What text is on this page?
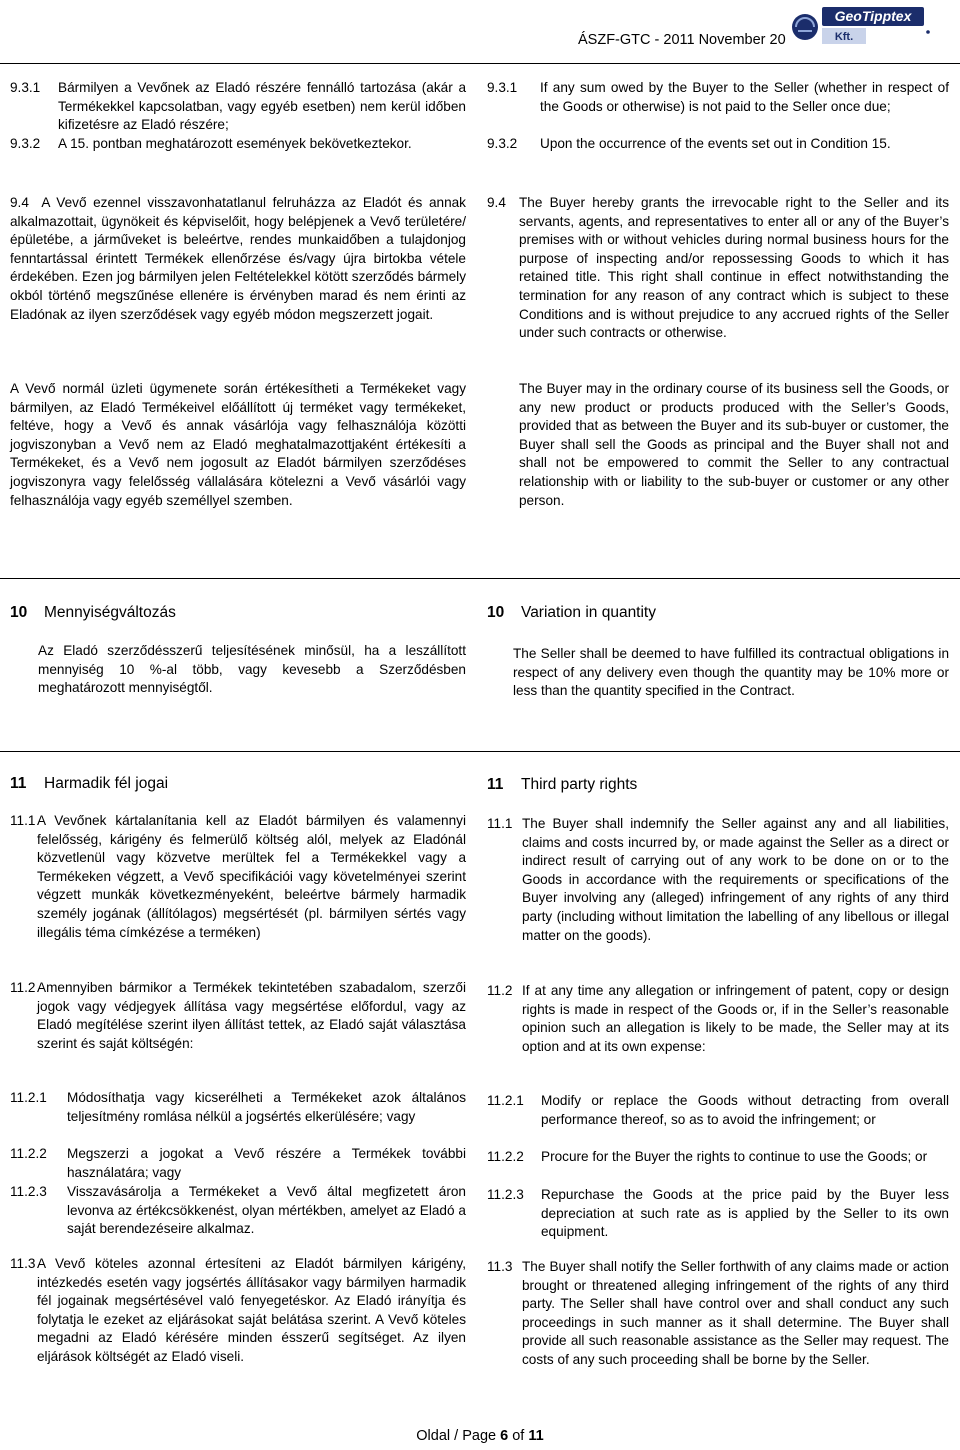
ÁSZF-GTC - 2011 November 20
GeoTipptex
Kft.
9.3.1 Bármilyen a Vevőnek az Eladó részére fennálló tartozása (akár a Termékekkel kapcsolatban, vagy egyéb esetben) nem kerül időben kifizetésre az Eladó részére;
9.3.2 A 15. pontban meghatározott események bekövetkeztekor.
9.4 A Vevő ezennel visszavonhatatlanul felruházza az Eladót és annak alkalmazottait, ügynökeit és képviselőit, hogy belépjenek a Vevő területére/épületébe, a járműveket is beleértve, rendes munkaidőben a tulajdonjog fenntartással érintett Termékek ellenőrzése és/vagy újra birtokba vétele érdekében. Ezen jog bármilyen jelen Feltételekkel kötött szerződés bármely okból történő megszűnése ellenére is érvényben marad és nem érinti az Eladónak az ilyen szerződések vagy egyéb módon megszerzett jogait.
A Vevő normál üzleti ügymenete során értékesítheti a Termékeket vagy bármilyen, az Eladó Termékeivel előállított új terméket vagy termékeket, feltéve, hogy a Vevő és annak vásárlója vagy felhasználója közötti jogviszonyban a Vevő nem az Eladó meghatalmazottjaként értékesíti a Termékeket, és a Vevő nem jogosult az Eladót bármilyen szerződéses jogviszonyra vagy felelősség vállalására kötelezni a Vevő vásárlói vagy felhasználója vagy egyéb személlyel szemben.
9.3.1 If any sum owed by the Buyer to the Seller (whether in respect of the Goods or otherwise) is not paid to the Seller once due;
9.3.2 Upon the occurrence of the events set out in Condition 15.
9.4 The Buyer hereby grants the irrevocable right to the Seller and its servants, agents, and representatives to enter all or any of the Buyer’s premises with or without vehicles during normal business hours for the purpose of inspecting and/or repossessing Goods to which it has retained title. This right shall continue in effect notwithstanding the termination for any reason of any contract which is subject to these Conditions and is without prejudice to any accrued rights of the Seller under such contracts or otherwise.
The Buyer may in the ordinary course of its business sell the Goods, or any new product or products produced with the Seller’s Goods, provided that as between the Buyer and its sub-buyer or customer, the Buyer shall sell the Goods as principal and the Buyer shall not and shall not be empowered to commit the Seller to any contractual relationship with or liability to the sub-buyer or customer or any other person.
10 Mennyiségváltozás	10 Variation in quantity
Az Eladó szerződésszerű teljesítésének minősül, ha a leszállított mennyiség 10 %-al több, vagy kevesebb a Szerződésben meghatározott mennyiségtől.
The Seller shall be deemed to have fulfilled its contractual obligations in respect of any delivery even though the quantity may be 10% more or less than the quantity specified in the Contract.
11 Harmadik fél jogai	11 Third party rights
11.1 A Vevőnek kártalanítania kell az Eladót bármilyen és valamennyi felelősség, kárigény és felmerülő költség alól, melyek az Eladónál közvetlenül vagy közvetve merültek fel a Termékekkel vagy a Termékeken végzett, a Vevő specifikációi vagy követelményei szerint végzett munkák következményeként, beleértve bármely harmadik személy jogának (állítólagos) megsértését (pl. bármilyen sértés vagy illegális téma címkézése a terméken)
11.2 Amennyiben bármikor a Termékek tekintetében szabadalom, szerzői jogok vagy védjegyek állítása vagy megsértése előfordul, vagy az Eladó megítélése szerint ilyen állítást tettek, az Eladó saját választása szerint és saját költségén:
11.2.1 Módosíthatja vagy kicserélheti a Termékeket azok általános teljesítmény romlása nélkül a jogsértés elkerülésére; vagy
11.2.2 Megszerzi a jogokat a Vevő részére a Termékek további használatára; vagy
11.2.3 Visszavásárolja a Termékeket a Vevő által megfizetett áron levonva az értékcsökkenést, olyan mértékben, amelyet az Eladó a saját berendezéseire alkalmaz.
11.3 A Vevő köteles azonnal értesíteni az Eladót bármilyen kárigény, intézkedés esetén vagy jogsértés állításakor vagy bármilyen harmadik fél jogainak megsértésével való fenyegetéskor. Az Eladó irányítja és folytatja le ezeket az eljárásokat saját belátása szerint. A Vevő köteles megadni az Eladó kérésére minden ésszerű segítséget. Az ilyen eljárások költségét az Eladó viseli.
11.1 The Buyer shall indemnify the Seller against any and all liabilities, claims and costs incurred by, or made against the Seller as a direct or indirect result of carrying out of any work to be done on or to the Goods in accordance with the requirements or specifications of the Buyer involving any (alleged) infringement of any rights of any third party (including without limitation the labelling of any libellous or illegal matter on the goods).
11.2 If at any time any allegation or infringement of patent, copy or design rights is made in respect of the Goods or, if in the Seller’s reasonable opinion such an allegation is likely to be made, the Seller may at its option and at its own expense:
11.2.1 Modify or replace the Goods without detracting from overall performance thereof, so as to avoid the infringement; or
11.2.2 Procure for the Buyer the rights to continue to use the Goods; or
11.2.3 Repurchase the Goods at the price paid by the Buyer less depreciation at such rate as is applied by the Seller to its own equipment.
11.3 The Buyer shall notify the Seller forthwith of any claims made or action brought or threatened alleging infringement of the rights of any third party. The Seller shall have control over and shall conduct any such proceedings in such manner as it shall determine. The Buyer shall provide all such reasonable assistance as the Seller may request. The costs of any such proceeding shall be borne by the Seller.
Oldal / Page 6 of 11
